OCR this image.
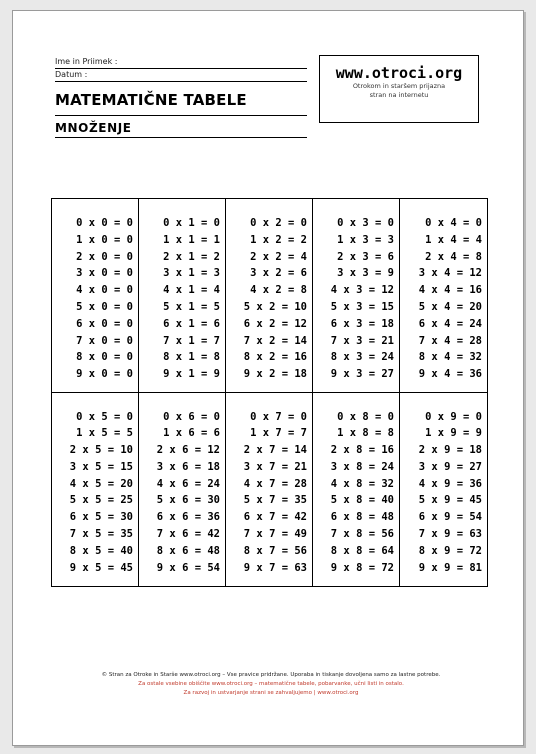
Ime in Priimek :
Datum :
MATEMATIČNE TABELE
MNOŽENJE
www.otroci.org
Otrokom in staršem prijazna
stran na internetu
0 x 0 = 0
1 x 0 = 0
2 x 0 = 0
3 x 0 = 0
4 x 0 = 0
5 x 0 = 0
6 x 0 = 0
7 x 0 = 0
8 x 0 = 0
9 x 0 = 0
0 x 1 = 0
1 x 1 = 1
2 x 1 = 2
3 x 1 = 3
4 x 1 = 4
5 x 1 = 5
6 x 1 = 6
7 x 1 = 7
8 x 1 = 8
9 x 1 = 9
0 x 2 = 0
1 x 2 = 2
2 x 2 = 4
3 x 2 = 6
4 x 2 = 8
5 x 2 = 10
6 x 2 = 12
7 x 2 = 14
8 x 2 = 16
9 x 2 = 18
0 x 3 = 0
1 x 3 = 3
2 x 3 = 6
3 x 3 = 9
4 x 3 = 12
5 x 3 = 15
6 x 3 = 18
7 x 3 = 21
8 x 3 = 24
9 x 3 = 27
0 x 4 = 0
1 x 4 = 4
2 x 4 = 8
3 x 4 = 12
4 x 4 = 16
5 x 4 = 20
6 x 4 = 24
7 x 4 = 28
8 x 4 = 32
9 x 4 = 36
0 x 5 = 0
1 x 5 = 5
2 x 5 = 10
3 x 5 = 15
4 x 5 = 20
5 x 5 = 25
6 x 5 = 30
7 x 5 = 35
8 x 5 = 40
9 x 5 = 45
0 x 6 = 0
1 x 6 = 6
2 x 6 = 12
3 x 6 = 18
4 x 6 = 24
5 x 6 = 30
6 x 6 = 36
7 x 6 = 42
8 x 6 = 48
9 x 6 = 54
0 x 7 = 0
1 x 7 = 7
2 x 7 = 14
3 x 7 = 21
4 x 7 = 28
5 x 7 = 35
6 x 7 = 42
7 x 7 = 49
8 x 7 = 56
9 x 7 = 63
0 x 8 = 0
1 x 8 = 8
2 x 8 = 16
3 x 8 = 24
4 x 8 = 32
5 x 8 = 40
6 x 8 = 48
7 x 8 = 56
8 x 8 = 64
9 x 8 = 72
0 x 9 = 0
1 x 9 = 9
2 x 9 = 18
3 x 9 = 27
4 x 9 = 36
5 x 9 = 45
6 x 9 = 54
7 x 9 = 63
8 x 9 = 72
9 x 9 = 81
© Stran za Otroke in Starše www.otroci.org – Vse pravice pridržane. Uporaba in tiskanje dovoljena samo za lastne potrebe.
Za ostale vsebine obiščite www.otroci.org – matematične tabele, pobarvanke, učni listi in ostalo.
Za razvoj in ustvarjanje strani se zahvaljujemo | www.otroci.org
